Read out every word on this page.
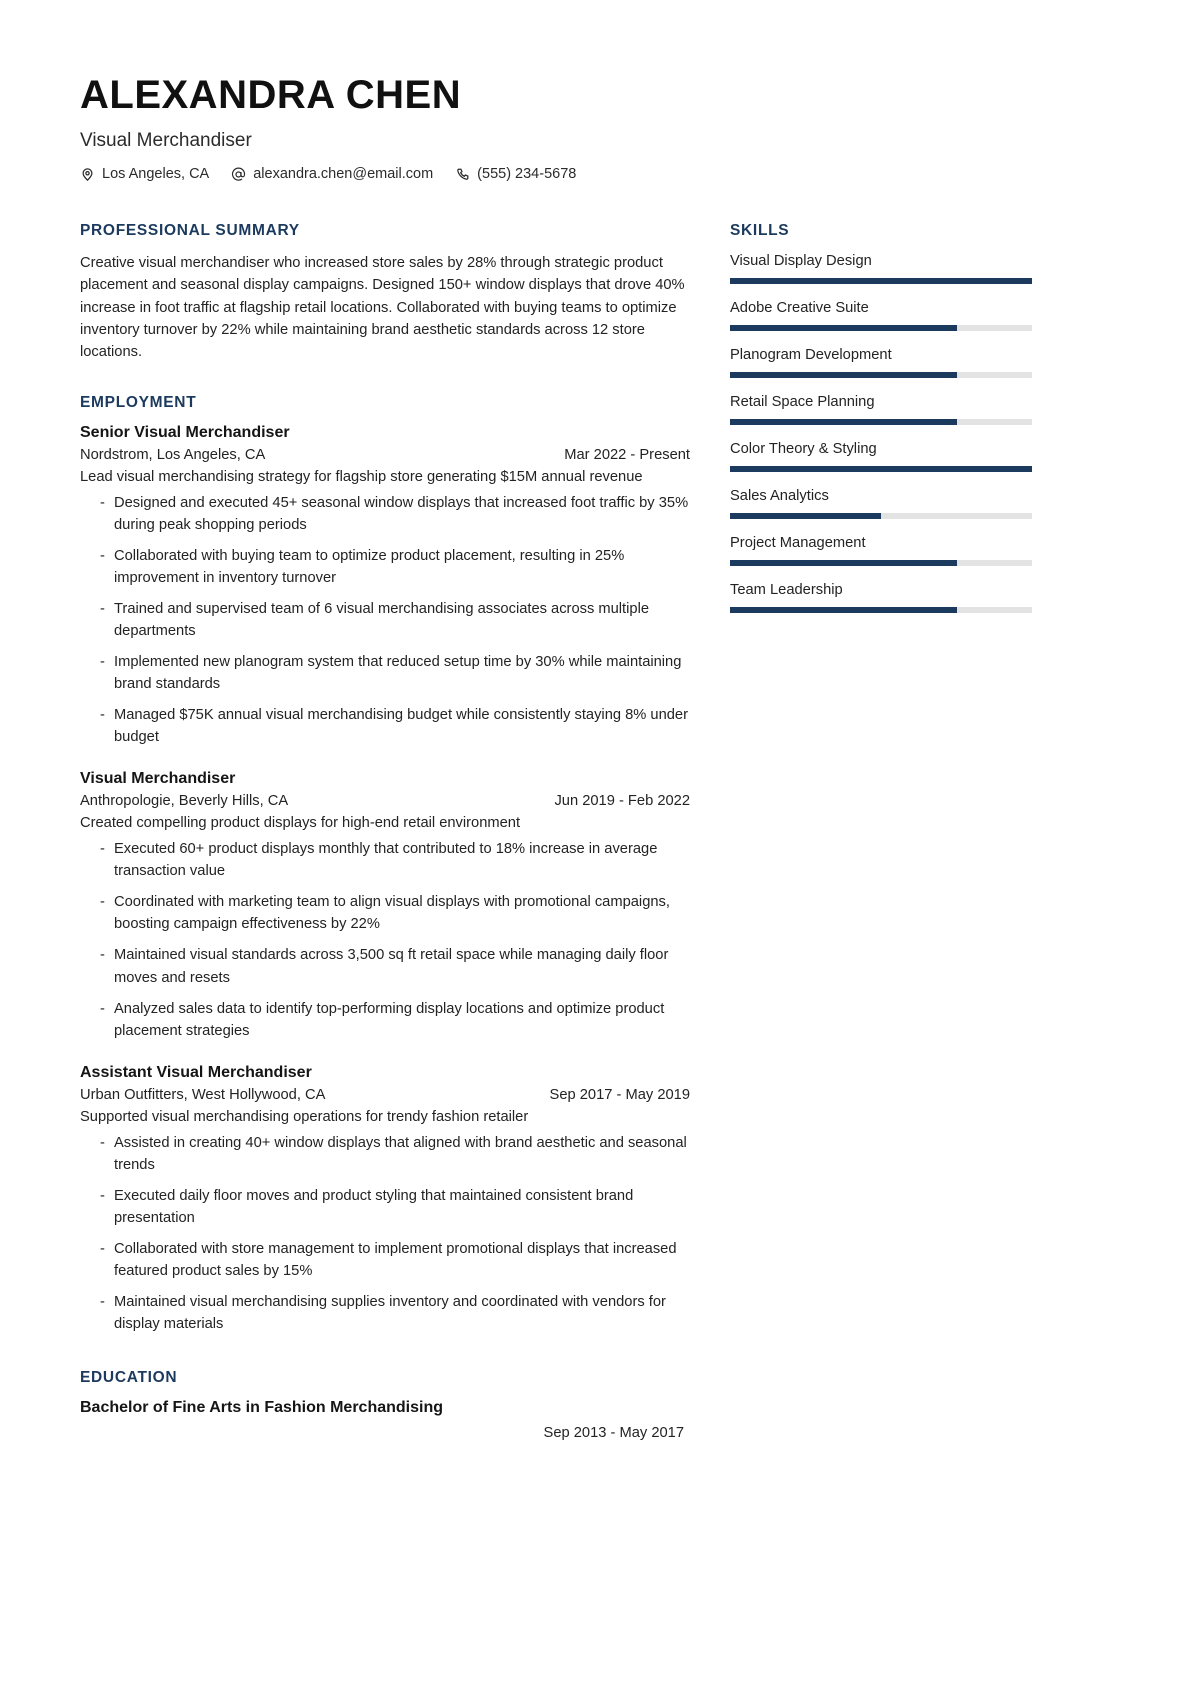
ALEXANDRA CHEN
Visual Merchandiser
Los Angeles, CA	alexandra.chen@email.com	(555) 234-5678
PROFESSIONAL SUMMARY

Creative visual merchandiser who increased store sales by 28% through strategic product placement and seasonal display campaigns. Designed 150+ window displays that drove 40% increase in foot traffic at flagship retail locations. Collaborated with buying teams to optimize inventory turnover by 22% while maintaining brand aesthetic standards across 12 store locations.

EMPLOYMENT
Senior Visual Merchandiser
Nordstrom, Los Angeles, CA	Mar 2022 - Present
Lead visual merchandising strategy for flagship store generating $15M annual revenue
- Designed and executed 45+ seasonal window displays that increased foot traffic by 35% during peak shopping periods
- Collaborated with buying team to optimize product placement, resulting in 25% improvement in inventory turnover
- Trained and supervised team of 6 visual merchandising associates across multiple departments
- Implemented new planogram system that reduced setup time by 30% while maintaining brand standards
- Managed $75K annual visual merchandising budget while consistently staying 8% under budget
Visual Merchandiser
Anthropologie, Beverly Hills, CA	Jun 2019 - Feb 2022
Created compelling product displays for high-end retail environment
- Executed 60+ product displays monthly that contributed to 18% increase in average transaction value
- Coordinated with marketing team to align visual displays with promotional campaigns, boosting campaign effectiveness by 22%
- Maintained visual standards across 3,500 sq ft retail space while managing daily floor moves and resets
- Analyzed sales data to identify top-performing display locations and optimize product placement strategies
Assistant Visual Merchandiser
Urban Outfitters, West Hollywood, CA	Sep 2017 - May 2019
Supported visual merchandising operations for trendy fashion retailer
- Assisted in creating 40+ window displays that aligned with brand aesthetic and seasonal trends
- Executed daily floor moves and product styling that maintained consistent brand presentation
- Collaborated with store management to implement promotional displays that increased featured product sales by 15%
- Maintained visual merchandising supplies inventory and coordinated with vendors for display materials
EDUCATION
Bachelor of Fine Arts in Fashion Merchandising
Sep 2013 - May 2017
SKILLS
Visual Display Design
Adobe Creative Suite
Planogram Development
Retail Space Planning
Color Theory & Styling
Sales Analytics
Project Management
Team Leadership
